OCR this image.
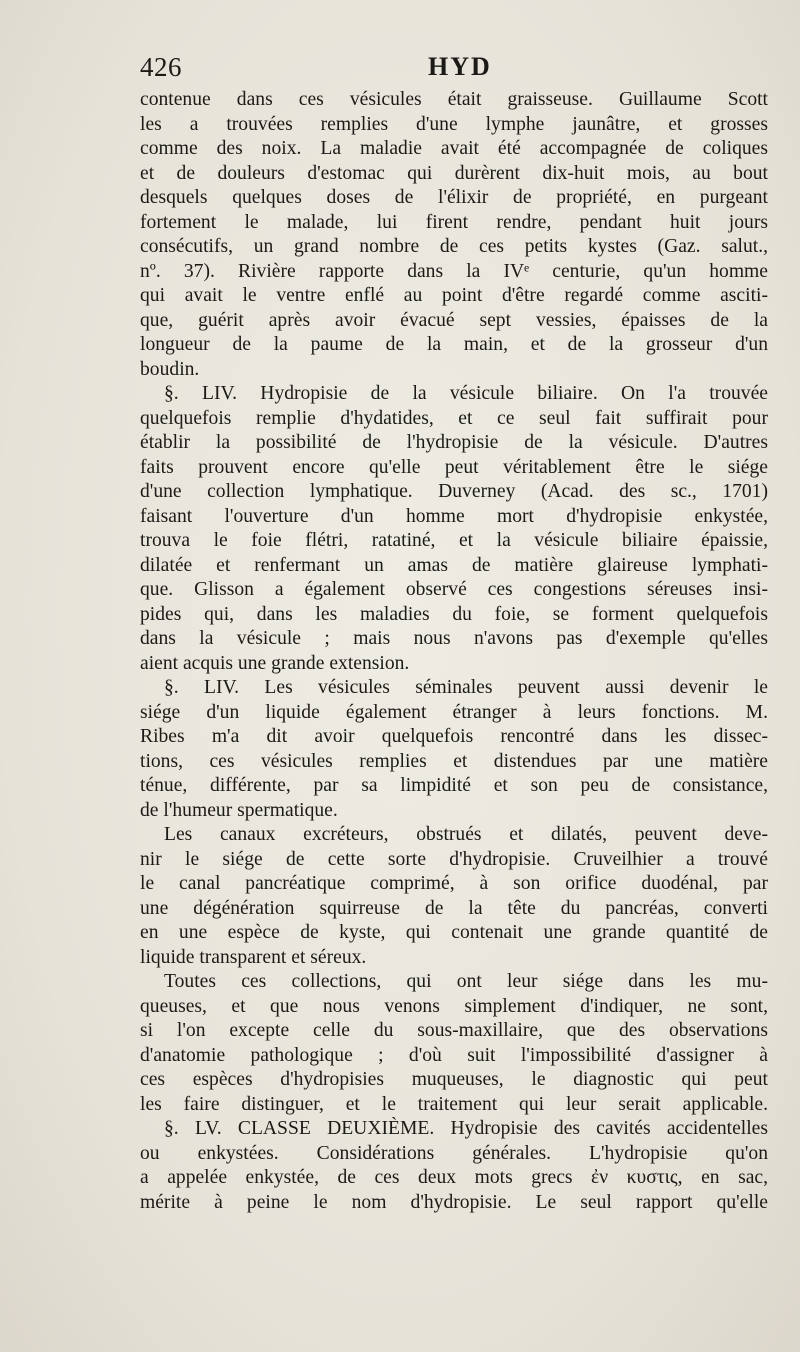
426	HYD
contenue dans ces vésicules était graisseuse. Guillaume Scott
les a trouvées remplies d'une lymphe jaunâtre, et grosses
comme des noix. La maladie avait été accompagnée de coliques
et de douleurs d'estomac qui durèrent dix-huit mois, au bout
desquels quelques doses de l'élixir de propriété, en purgeant
fortement le malade, lui firent rendre, pendant huit jours
consécutifs, un grand nombre de ces petits kystes (Gaz. salut.,
nº. 37). Rivière rapporte dans la IVᵉ centurie, qu'un homme
qui avait le ventre enflé au point d'être regardé comme asciti-
que, guérit après avoir évacué sept vessies, épaisses de la
longueur de la paume de la main, et de la grosseur d'un
boudin.
§. LIV. Hydropisie de la vésicule biliaire. On l'a trouvée
quelquefois remplie d'hydatides, et ce seul fait suffirait pour
établir la possibilité de l'hydropisie de la vésicule. D'autres
faits prouvent encore qu'elle peut véritablement être le siége
d'une collection lymphatique. Duverney (Acad. des sc., 1701)
faisant l'ouverture d'un homme mort d'hydropisie enkystée,
trouva le foie flétri, ratatiné, et la vésicule biliaire épaissie,
dilatée et renfermant un amas de matière glaireuse lymphati-
que. Glisson a également observé ces congestions séreuses insi-
pides qui, dans les maladies du foie, se forment quelquefois
dans la vésicule ; mais nous n'avons pas d'exemple qu'elles
aient acquis une grande extension.
§. LIV. Les vésicules séminales peuvent aussi devenir le
siége d'un liquide également étranger à leurs fonctions. M.
Ribes m'a dit avoir quelquefois rencontré dans les dissec-
tions, ces vésicules remplies et distendues par une matière
ténue, différente, par sa limpidité et son peu de consistance,
de l'humeur spermatique.
Les canaux excréteurs, obstrués et dilatés, peuvent deve-
nir le siége de cette sorte d'hydropisie. Cruveilhier a trouvé
le canal pancréatique comprimé, à son orifice duodénal, par
une dégénération squirreuse de la tête du pancréas, converti
en une espèce de kyste, qui contenait une grande quantité de
liquide transparent et séreux.
Toutes ces collections, qui ont leur siége dans les mu-
queuses, et que nous venons simplement d'indiquer, ne sont,
si l'on excepte celle du sous-maxillaire, que des observations
d'anatomie pathologique ; d'où suit l'impossibilité d'assigner à
ces espèces d'hydropisies muqueuses, le diagnostic qui peut
les faire distinguer, et le traitement qui leur serait applicable.
§. LV. CLASSE DEUXIÈME. Hydropisie des cavités accidentelles
ou enkystées. Considérations générales. L'hydropisie qu'on
a appelée enkystée, de ces deux mots grecs ἐν κυστις, en sac,
mérite à peine le nom d'hydropisie. Le seul rapport qu'elle
